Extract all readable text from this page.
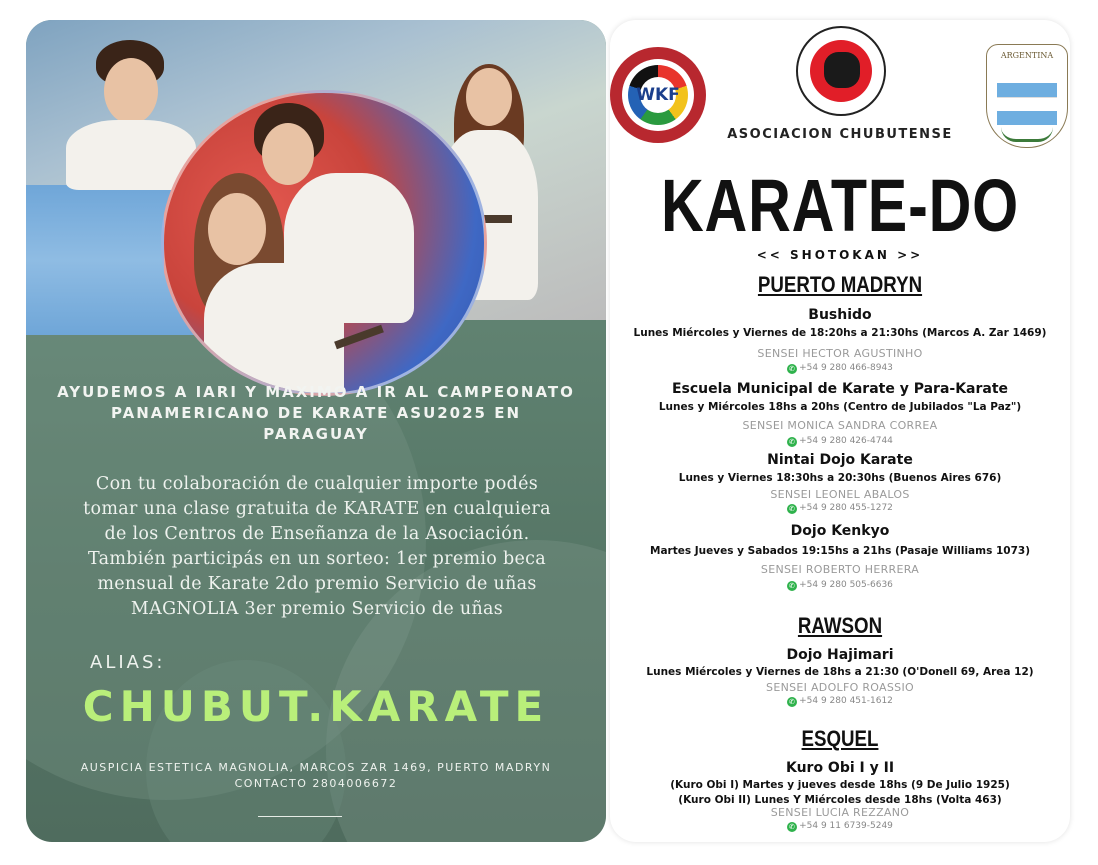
AYUDEMOS A IARI Y MAXIMO A IR AL CAMPEONATO
PANAMERICANO DE KARATE ASU2025 EN
PARAGUAY
Con tu colaboración de cualquier importe podés
tomar una clase gratuita de KARATE en cualquiera
de los Centros de Enseñanza de la Asociación.
También participás en un sorteo: 1er premio beca
mensual de Karate 2do premio Servicio de uñas
MAGNOLIA 3er premio Servicio de uñas
ALIAS:
CHUBUT.KARATE
AUSPICIA ESTETICA MAGNOLIA, MARCOS ZAR 1469, PUERTO MADRYN
CONTACTO 2804006672
WKF
ARGENTINA
ASOCIACION CHUBUTENSE
KARATE-DO
<< SHOTOKAN >>
PUERTO MADRYN
Bushido
Lunes Miércoles y Viernes de 18:20hs a 21:30hs (Marcos A. Zar 1469)
SENSEI HECTOR AGUSTINHO
✆ +54 9 280 466-8943
Escuela Municipal de Karate y Para-Karate
Lunes y Miércoles 18hs a 20hs (Centro de Jubilados "La Paz")
SENSEI MONICA SANDRA CORREA
✆ +54 9 280 426-4744
Nintai Dojo Karate
Lunes y Viernes 18:30hs a 20:30hs (Buenos Aires 676)
SENSEI LEONEL ABALOS
✆ +54 9 280 455-1272
Dojo Kenkyo
Martes Jueves y Sabados 19:15hs a 21hs (Pasaje Williams 1073)
SENSEI ROBERTO HERRERA
✆ +54 9 280 505-6636
RAWSON
Dojo Hajimari
Lunes Miércoles y Viernes de 18hs a 21:30 (O'Donell 69, Area 12)
SENSEI ADOLFO ROASSIO
✆ +54 9 280 451-1612
ESQUEL
Kuro Obi I y II
(Kuro Obi I) Martes y jueves desde 18hs (9 De Julio 1925)
(Kuro Obi II) Lunes Y Miércoles desde 18hs (Volta 463)
SENSEI LUCIA REZZANO
✆ +54 9 11 6739-5249
